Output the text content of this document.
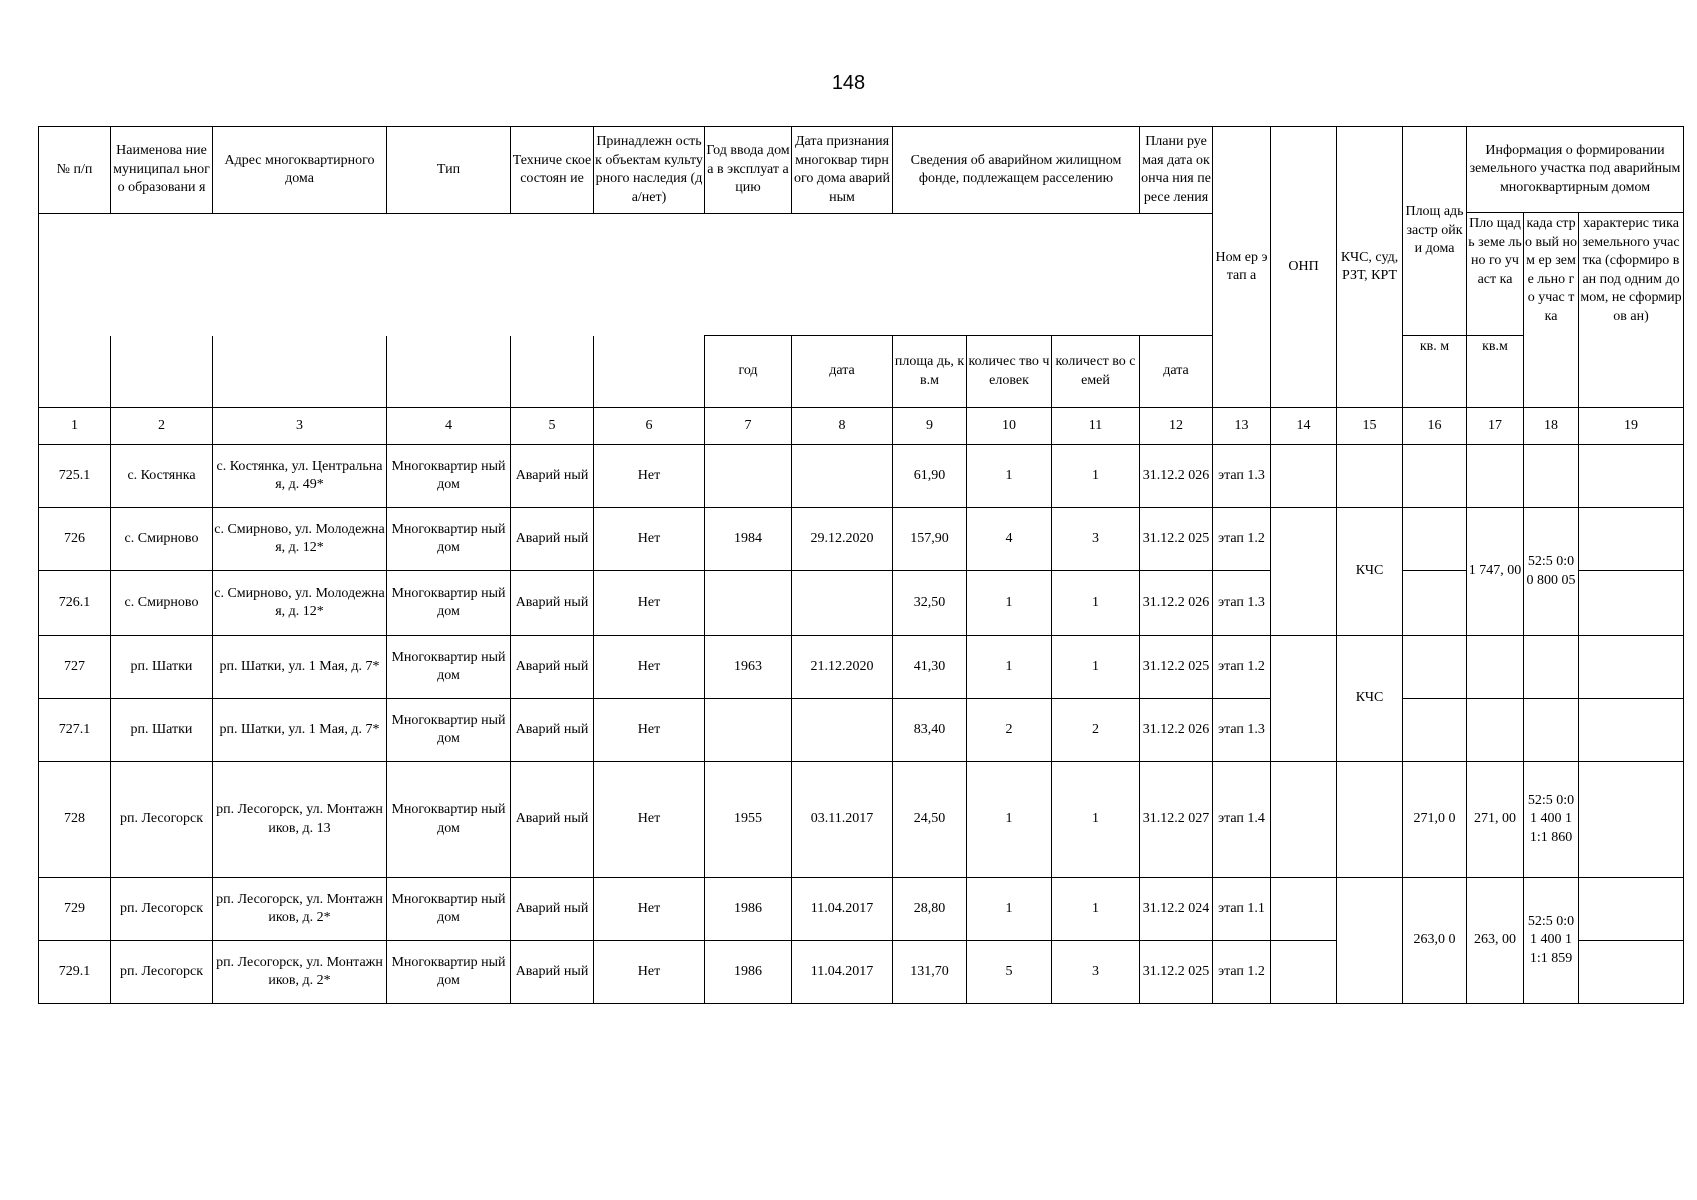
148
№ п/п	Наименова ние муниципал ьного образовани я	Адрес многоквартирного дома	Тип	Техниче ское состоян ие	Принадлежн ость к объектам культурного наследия (да/нет)	Год ввода дома в эксплуат ацию	Дата признания многоквар тирного дома аварийным	Сведения об аварийном жилищном фонде, подлежащем расселению			Плани руемая дата оконча ния пересе ления	Ном ер этап а	ОНП	КЧС, суд, РЗТ, КРТ	Площ адь застр ойки дома	Информация о формировании земельного участка под аварийным многоквартирным домом		
																Пло щадь земе льно го участ ка	када стро вый ном ер земе льно го учас тка	характерис тика земельного участка (сформиро ван под одним домом, не сформиров ан)

						год	дата	площа дь, кв.м	количес тво человек	количест во семей	дата				кв. м	кв.м		
1	2	3	4	5	6	7	8	9	10	11	12	13	14	15	16	17	18	19
725.1	с. Костянка	с. Костянка, ул. Центральная, д. 49*	Многоквартир ный дом	Аварий ный	Нет			61,90	1	1	31.12.2 026	этап 1.3						
726	с. Смирново	с. Смирново, ул. Молодежная, д. 12*	Многоквартир ный дом	Аварий ный	Нет	1984	29.12.2020	157,90	4	3	31.12.2 025	этап 1.2		КЧС		1 747, 00	52:5 0:00 800 05	
726.1	с. Смирново	с. Смирново, ул. Молодежная, д. 12*	Многоквартир ный дом	Аварий ный	Нет			32,50	1	1	31.12.2 026	этап 1.3						
727	рп. Шатки	рп. Шатки, ул. 1 Мая, д. 7*	Многоквартир ный дом	Аварий ный	Нет	1963	21.12.2020	41,30	1	1	31.12.2 025	этап 1.2		КЧС				
727.1	рп. Шатки	рп. Шатки, ул. 1 Мая, д. 7*	Многоквартир ный дом	Аварий ный	Нет			83,40	2	2	31.12.2 026	этап 1.3						
728	рп. Лесогорск	рп. Лесогорск, ул. Монтажников, д. 13	Многоквартир ный дом	Аварий ный	Нет	1955	03.11.2017	24,50	1	1	31.12.2 027	этап 1.4			271,0 0	271, 00	52:5 0:01 400 11:1 860	
729	рп. Лесогорск	рп. Лесогорск, ул. Монтажников, д. 2*	Многоквартир ный дом	Аварий ный	Нет	1986	11.04.2017	28,80	1	1	31.12.2 024	этап 1.1			263,0 0	263, 00	52:5 0:01 400 11:1 859	
729.1	рп. Лесогорск	рп. Лесогорск, ул. Монтажников, д. 2*	Многоквартир ный дом	Аварий ный	Нет	1986	11.04.2017	131,70	5	3	31.12.2 025	этап 1.2						
